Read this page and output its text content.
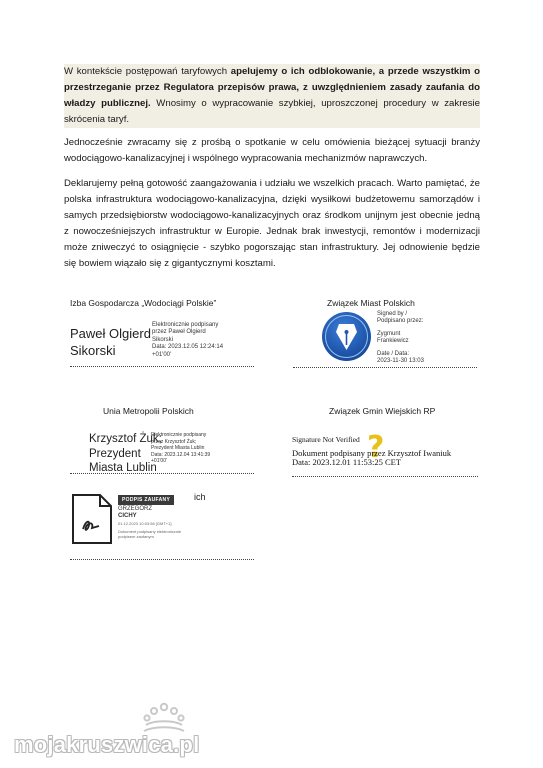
W kontekście postępowań taryfowych apelujemy o ich odblokowanie, a przede wszystkim o przestrzeganie przez Regulatora przepisów prawa, z uwzględnieniem zasady zaufania do władzy publicznej. Wnosimy o wypracowanie szybkiej, uproszczonej procedury w zakresie skrócenia taryf.
Jednocześnie zwracamy się z prośbą o spotkanie w celu omówienia bieżącej sytuacji branży wodociągowo-kanalizacyjnej i wspólnego wypracowania mechanizmów naprawczych.
Deklarujemy pełną gotowość zaangażowania i udziału we wszelkich pracach. Warto pamiętać, że polska infrastruktura wodociągowo-kanalizacyjna, dzięki wysiłkowi budżetowemu samorządów i samych przedsiębiorstw wodociągowo-kanalizacyjnych oraz środkom unijnym jest obecnie jedną z nowocześniejszych infrastruktur w Europie. Jednak brak inwestycji, remontów i modernizacji może zniweczyć to osiągnięcie - szybko pogorszając stan infrastruktury. Jej odnowienie będzie się bowiem wiązało się z gigantycznymi kosztami.
Izba Gospodarcza „Wodociągi Polskie”
Paweł Olgierd
Sikorski
Elektronicznie podpisany
przez Paweł Olgierd
Sikorski
Data: 2023.12.05 12:24:14
+01'00'
Związek Miast Polskich
Signed by /
Podpisano przez:
Zygmunt
Frankiewicz
Date / Data:
2023-11-30 13:03
Unia Metropolii Polskich
Krzysztof Żuk;
Prezydent
Miasta Lublin
Elektronicznie podpisany
przez Krzysztof Żuk;
Prezydent Miasta Lublin
Data: 2023.12.04 13:41:39
+01'00'
Związek Gmin Wiejskich RP
Signature Not Verified ?
Dokument podpisany przez Krzysztof Iwaniuk
Data: 2023.12.01 11:53:25 CET
PODPIS ZAUFANY
GRZEGORZ
CICHY
01.12.2023 10:03:56 [GMT+1]
Dokument podpisany elektronicznie
podpisem zaufanym
ich
mojakruszwica.pl
